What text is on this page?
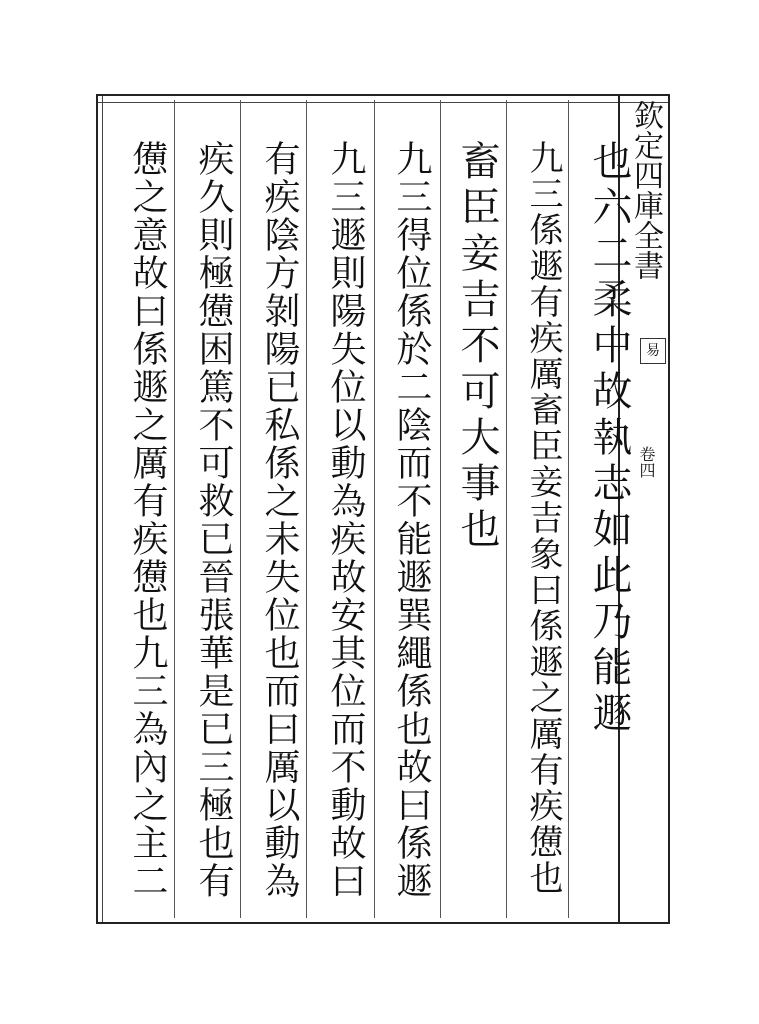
欽定四庫全書
易
卷四
也六二柔中故執志如此乃能遯
九三係遯有疾厲畜臣妾吉象曰係遯之厲有疾憊也
畜臣妾吉不可大事也
九三得位係於二陰而不能遯巽繩係也故曰係遯
九三遯則陽失位以動為疾故安其位而不動故曰
有疾陰方剝陽已私係之未失位也而曰厲以動為
疾久則極憊困篤不可救已晉張華是已三極也有
憊之意故曰係遯之厲有疾憊也九三為內之主二
